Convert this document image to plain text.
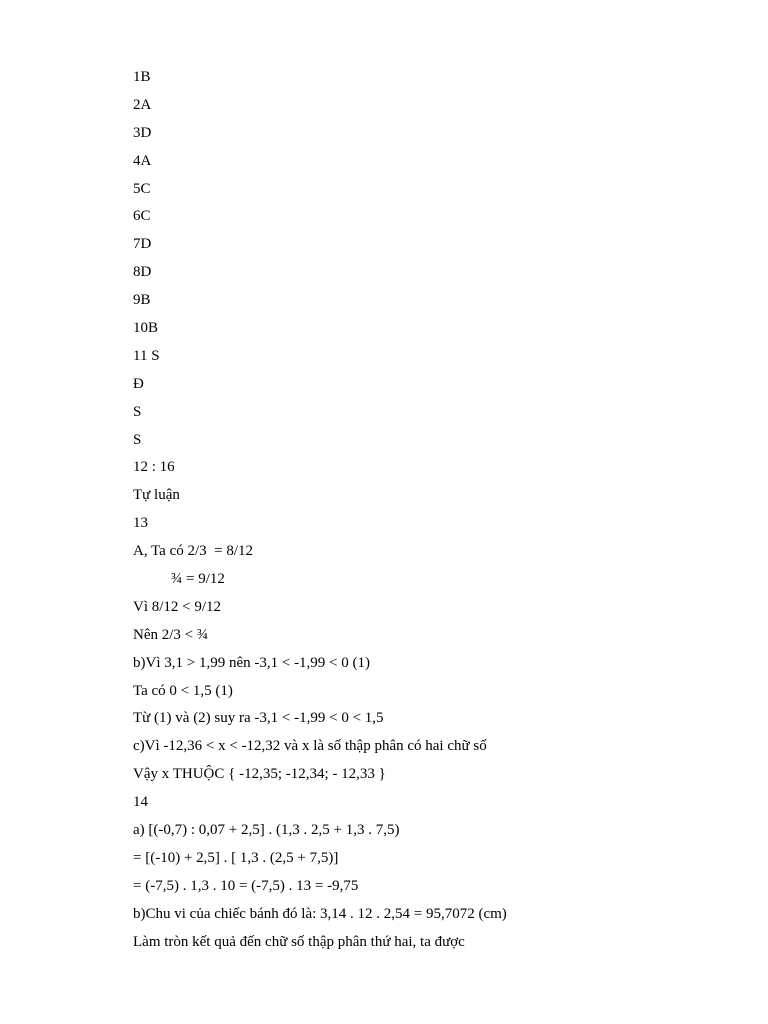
1B
2A
3D
4A
5C
6C
7D
8D
9B
10B
11 S
Đ
S
S
12 : 16
Tự luận
13
A, Ta có 2/3  = 8/12
¾ = 9/12
Vì 8/12 < 9/12
Nên 2/3 < ¾
b)Vì 3,1 > 1,99 nên -3,1 < -1,99 < 0 (1)
Ta có 0 < 1,5 (1)
Từ (1) và (2) suy ra -3,1 < -1,99 < 0 < 1,5
c)Vì -12,36 < x < -12,32 và x là số thập phân có hai chữ số
Vậy x THUỘC { -12,35; -12,34; - 12,33 }
14
a) [(-0,7) : 0,07 + 2,5] . (1,3 . 2,5 + 1,3 . 7,5)
= [(-10) + 2,5] . [ 1,3 . (2,5 + 7,5)]
= (-7,5) . 1,3 . 10 = (-7,5) . 13 = -9,75
b)Chu vi của chiếc bánh đó là: 3,14 . 12 . 2,54 = 95,7072 (cm)
Làm tròn kết quả đến chữ số thập phân thứ hai, ta được
